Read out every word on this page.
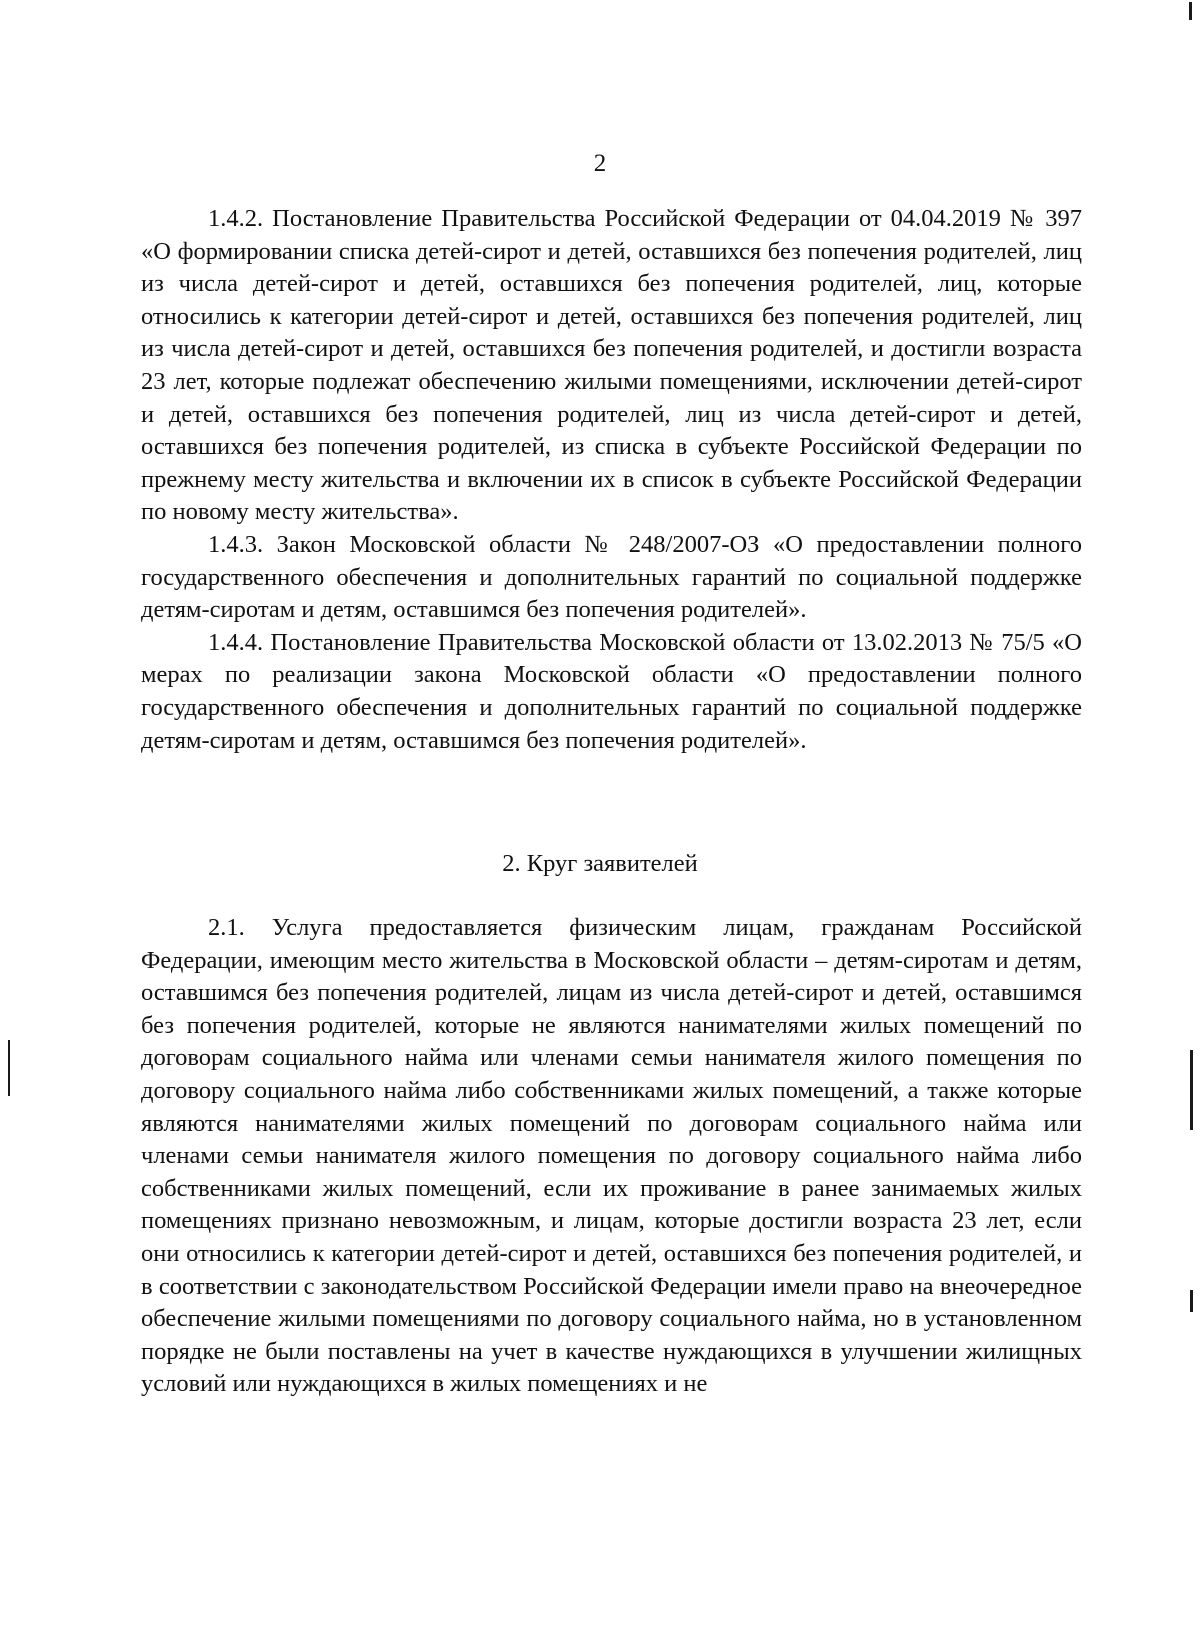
2

1.4.2. Постановление Правительства Российской Федерации от 04.04.2019 № 397 «О формировании списка детей-сирот и детей, оставшихся без попечения родителей, лиц из числа детей-сирот и детей, оставшихся без попечения родителей, лиц, которые относились к категории детей-сирот и детей, оставшихся без попечения родителей, лиц из числа детей-сирот и детей, оставшихся без попечения родителей, и достигли возраста 23 лет, которые подлежат обеспечению жилыми помещениями, исключении детей-сирот и детей, оставшихся без попечения родителей, лиц из числа детей-сирот и детей, оставшихся без попечения родителей, из списка в субъекте Российской Федерации по прежнему месту жительства и включении их в список в субъекте Российской Федерации по новому месту жительства».

1.4.3. Закон Московской области № 248/2007-ОЗ «О предоставлении полного государственного обеспечения и дополнительных гарантий по социальной поддержке детям-сиротам и детям, оставшимся без попечения родителей».

1.4.4. Постановление Правительства Московской области от 13.02.2013 № 75/5 «О мерах по реализации закона Московской области «О предоставлении полного государственного обеспечения и дополнительных гарантий по социальной поддержке детям-сиротам и детям, оставшимся без попечения родителей».

2. Круг заявителей

2.1. Услуга предоставляется физическим лицам, гражданам Российской Федерации, имеющим место жительства в Московской области – детям-сиротам и детям, оставшимся без попечения родителей, лицам из числа детей-сирот и детей, оставшимся без попечения родителей, которые не являются нанимателями жилых помещений по договорам социального найма или членами семьи нанимателя жилого помещения по договору социального найма либо собственниками жилых помещений, а также которые являются нанимателями жилых помещений по договорам социального найма или членами семьи нанимателя жилого помещения по договору социального найма либо собственниками жилых помещений, если их проживание в ранее занимаемых жилых помещениях признано невозможным, и лицам, которые достигли возраста 23 лет, если они относились к категории детей-сирот и детей, оставшихся без попечения родителей, и в соответствии с законодательством Российской Федерации имели право на внеочередное обеспечение жилыми помещениями по договору социального найма, но в установленном порядке не были поставлены на учет в качестве нуждающихся в улучшении жилищных условий или нуждающихся в жилых помещениях и не
